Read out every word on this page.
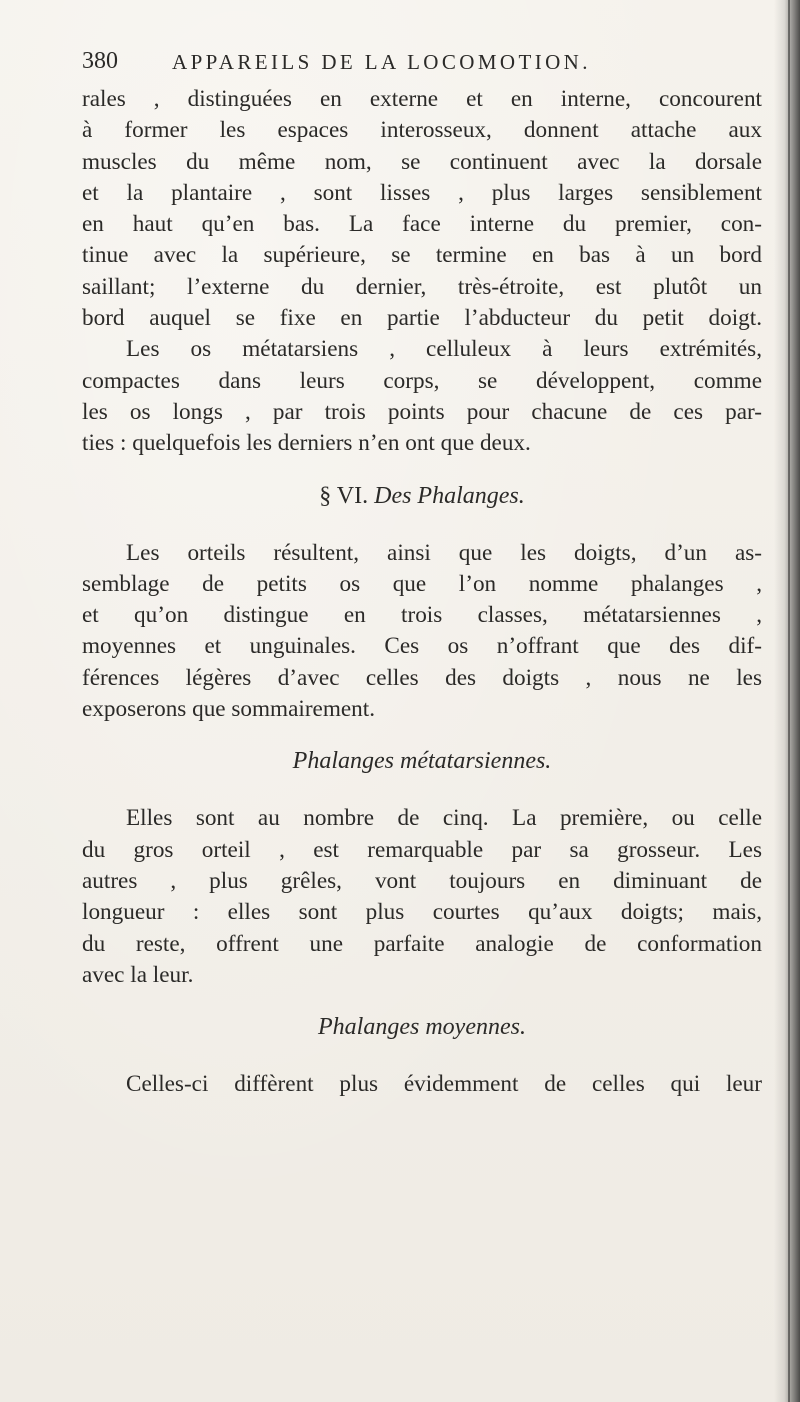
380	APPAREILS DE LA LOCOMOTION.
rales , distinguées en externe et en interne, concourent
à former les espaces interosseux, donnent attache aux
muscles du même nom, se continuent avec la dorsale
et la plantaire , sont lisses , plus larges sensiblement
en haut qu’en bas. La face interne du premier, con-
tinue avec la supérieure, se termine en bas à un bord
saillant; l’externe du dernier, très-étroite, est plutôt un
bord auquel se fixe en partie l’abducteur du petit doigt.
Les os métatarsiens , celluleux à leurs extrémités,
compactes dans leurs corps, se développent, comme
les os longs , par trois points pour chacune de ces par-
ties : quelquefois les derniers n’en ont que deux.
§ VI. Des Phalanges.
Les orteils résultent, ainsi que les doigts, d’un as-
semblage de petits os que l’on nomme phalanges ,
et qu’on distingue en trois classes, métatarsiennes ,
moyennes et unguinales. Ces os n’offrant que des dif-
férences légères d’avec celles des doigts , nous ne les
exposerons que sommairement.
Phalanges métatarsiennes.
Elles sont au nombre de cinq. La première, ou celle
du gros orteil , est remarquable par sa grosseur. Les
autres , plus grêles, vont toujours en diminuant de
longueur : elles sont plus courtes qu’aux doigts; mais,
du reste, offrent une parfaite analogie de conformation
avec la leur.
Phalanges moyennes.
Celles-ci diffèrent plus évidemment de celles qui leur
